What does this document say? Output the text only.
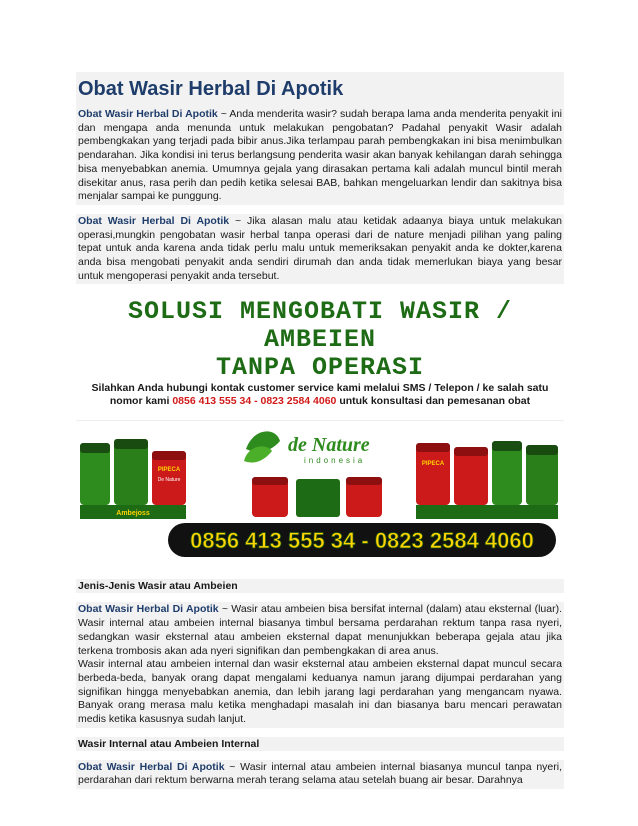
Obat Wasir Herbal Di Apotik

Obat Wasir Herbal Di Apotik ~ Anda menderita wasir? sudah berapa lama anda menderita penyakit ini dan mengapa anda menunda untuk melakukan pengobatan? Padahal penyakit Wasir adalah pembengkakan yang terjadi pada bibir anus.Jika terlampau parah pembengkakan ini bisa menimbulkan pendarahan. Jika kondisi ini terus berlangsung penderita wasir akan banyak kehilangan darah sehingga bisa menyebabkan anemia. Umumnya gejala yang dirasakan pertama kali adalah muncul bintil merah disekitar anus, rasa perih dan pedih ketika selesai BAB, bahkan mengeluarkan lendir dan sakitnya bisa menjalar sampai ke punggung.

Obat Wasir Herbal Di Apotik ~ Jika alasan malu atau ketidak adaanya biaya untuk melakukan operasi,mungkin pengobatan wasir herbal tanpa operasi dari de nature menjadi pilihan yang paling tepat untuk anda karena anda tidak perlu malu untuk memeriksakan penyakit anda ke dokter,karena anda bisa mengobati penyakit anda sendiri dirumah dan anda tidak memerlukan biaya yang besar untuk mengoperasi penyakit anda tersebut.

SOLUSI MENGOBATI WASIR / AMBEIEN
TANPA OPERASI
Silahkan Anda hubungi kontak customer service kami melalui SMS / Telepon / ke salah satu nomor kami 0856 413 555 34 - 0823 2584 4060 untuk konsultasi dan pemesanan obat
PIPECA
De Nature
Ambejoss
de Nature
indonesia	PIPECA
0856 413 555 34 - 0823 2584 4060

Jenis-Jenis Wasir atau Ambeien

Obat Wasir Herbal Di Apotik ~ Wasir atau ambeien bisa bersifat internal (dalam) atau eksternal (luar). Wasir internal atau ambeien internal biasanya timbul bersama perdarahan rektum tanpa rasa nyeri, sedangkan wasir eksternal atau ambeien eksternal dapat menunjukkan beberapa gejala atau jika terkena trombosis akan ada nyeri signifikan dan pembengkakan di area anus.
Wasir internal atau ambeien internal dan wasir eksternal atau ambeien eksternal dapat muncul secara berbeda-beda, banyak orang dapat mengalami keduanya namun jarang dijumpai perdarahan yang signifikan hingga menyebabkan anemia, dan lebih jarang lagi perdarahan yang mengancam nyawa. Banyak orang merasa malu ketika menghadapi masalah ini dan biasanya baru mencari perawatan medis ketika kasusnya sudah lanjut.

Wasir Internal atau Ambeien Internal

Obat Wasir Herbal Di Apotik ~ Wasir internal atau ambeien internal biasanya muncul tanpa nyeri, perdarahan dari rektum berwarna merah terang selama atau setelah buang air besar. Darahnya
